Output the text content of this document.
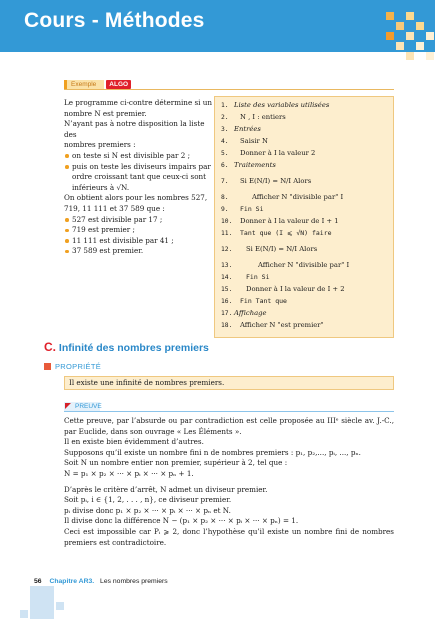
Cours - Méthodes
Exemple	ALGO

Le programme ci-contre détermine si un

nombre N est premier.

N’ayant pas à notre disposition la liste des

nombres premiers :

on teste si N est divisible par 2 ;
puis on teste les diviseurs impairs par ordre croissant tant que ceux-ci sont inférieurs à √N.

On obtient alors pour les nombres 527, 719, 11 111 et 37 589 que :

527 est divisible par 17 ;
719 est premier ;
11 111 est divisible par 41 ;
37 589 est premier.
1. Liste des variables utilisées
2. N , I : entiers
3. Entrées
4. Saisir N
5. Donner à I la valeur 2
6. Traitements
7. Si E(N/I) = N/I Alors
8.	Afficher N "divisible par" I
9. Fin Si
10. Donner à I la valeur de I + 1
11. Tant que (I ⩽ √N) faire
12. Si E(N/I) = N/I Alors
13.	Afficher N "divisible par" I
14. Fin Si
15. Donner à I la valeur de I + 2
16. Fin Tant que
17. Affichage
18. Afficher N "est premier"
C. Infinité des nombres premiers
PROPRIÉTÉ
Il existe une infinité de nombres premiers.
PREUVE

Cette preuve, par l’absurde ou par contradiction est celle proposée au IIIᵉ siècle av. J.-C., par Euclide, dans son ouvrage « Les Éléments ».

Il en existe bien évidemment d’autres.

Supposons qu’il existe un nombre fini n de nombres premiers : p₁, p₂,..., pᵢ, ..., pₙ.

Soit N un nombre entier non premier, supérieur à 2, tel que :

N = p₁ × p₂ × ··· × pᵢ × ··· × pₙ + 1.

D’après le critère d’arrêt, N admet un diviseur premier.

Soit pᵢ, i ∈ {1, 2, . . . , n}, ce diviseur premier.

pᵢ divise donc p₁ × p₂ × ··· × pᵢ × ··· × pₙ et N.

Il divise donc la différence N − (p₁ × p₂ × ··· × pᵢ × ··· × pₙ) = 1.

Ceci est impossible car Pᵢ ⩾ 2, donc l’hypothèse qu’il existe un nombre fini de nombres premiers est contradictoire.

56 Chapitre AR3. Les nombres premiers
